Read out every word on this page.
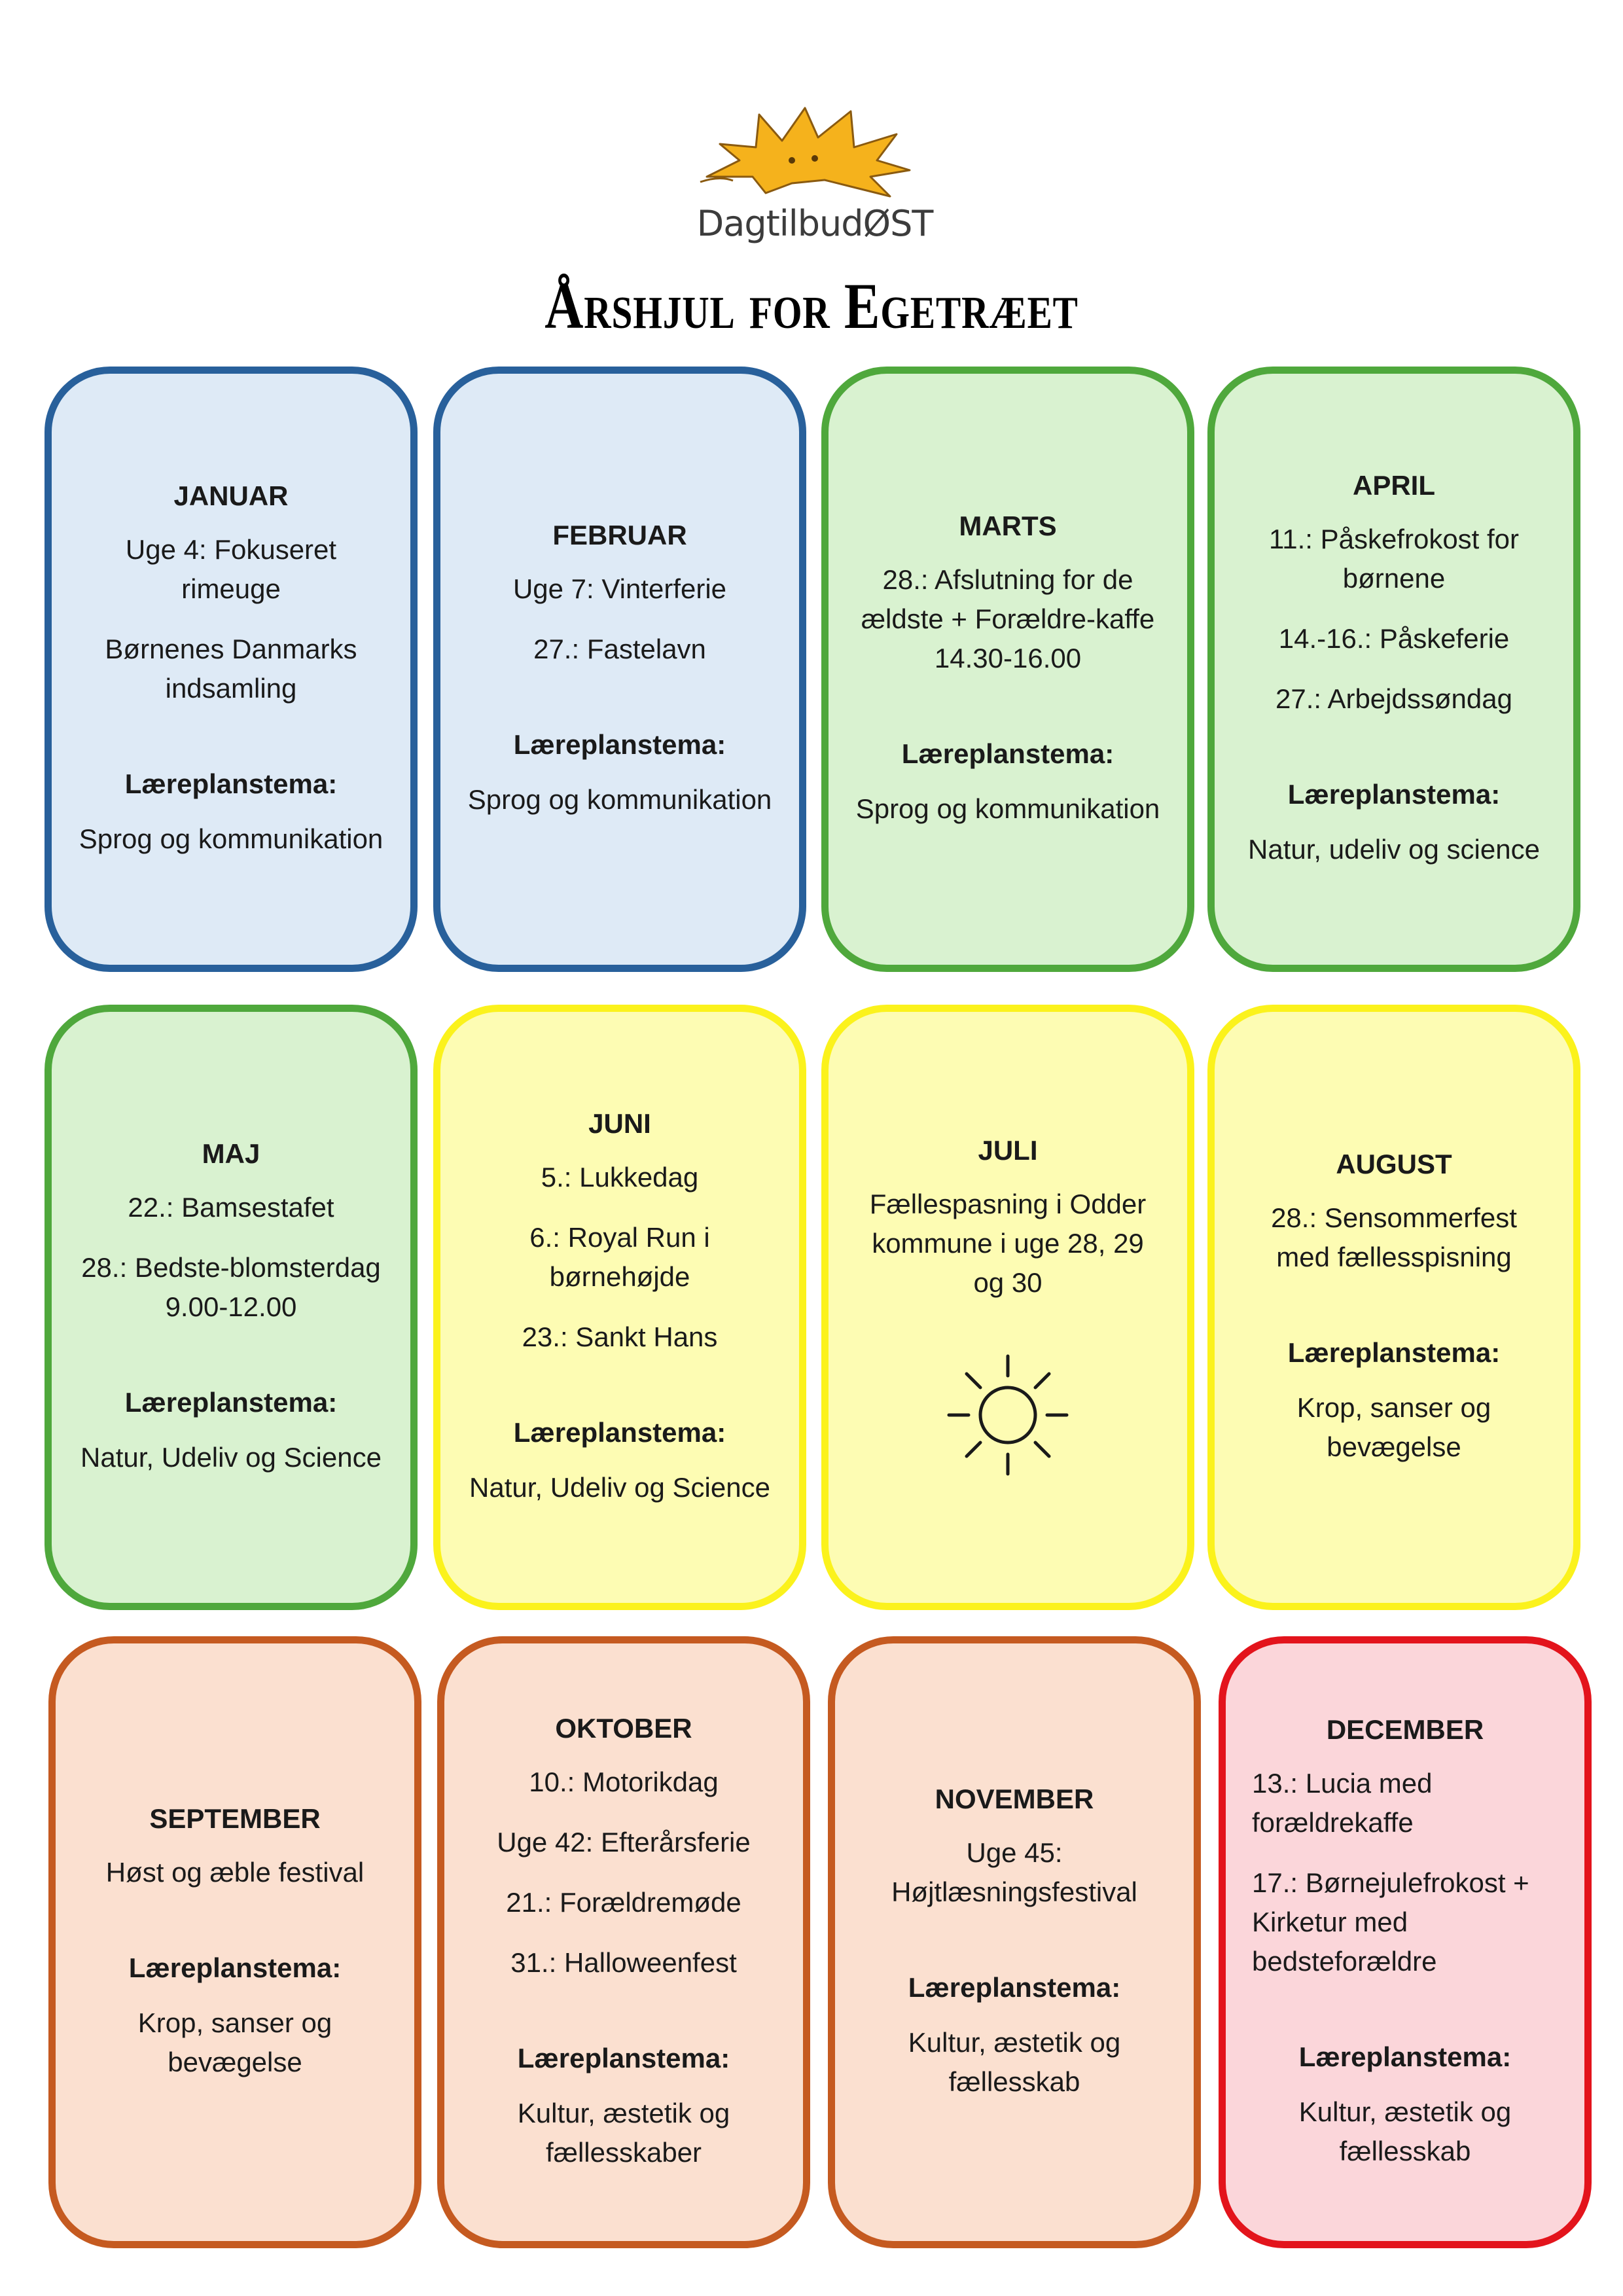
DagtilbudØST
Årshjul for Egetræet
JANUAR
Uge 4: Fokuseret rimeuge
Børnenes Danmarks indsamling
Læreplanstema:
Sprog og kommunikation
FEBRUAR
Uge 7: Vinterferie
27.: Fastelavn
Læreplanstema:
Sprog og kommunikation
MARTS
28.: Afslutning for de ældste + Forældre-kaffe 14.30-16.00
Læreplanstema:
Sprog og kommunikation
APRIL
11.: Påskefrokost for børnene
14.-16.: Påskeferie
27.: Arbejdssøndag
Læreplanstema:
Natur, udeliv og science
MAJ
22.: Bamsestafet
28.: Bedste-blomsterdag 9.00-12.00
Læreplanstema:
Natur, Udeliv og Science
JUNI
5.: Lukkedag
6.: Royal Run i børnehøjde
23.: Sankt Hans
Læreplanstema:
Natur, Udeliv og Science
JULI
Fællespasning i Odder kommune i uge 28, 29 og 30
AUGUST
28.: Sensommerfest med fællesspisning
Læreplanstema:
Krop, sanser og bevægelse
SEPTEMBER
Høst og æble festival
Læreplanstema:
Krop, sanser og bevægelse
OKTOBER
10.: Motorikdag
Uge 42: Efterårsferie
21.: Forældremøde
31.: Halloweenfest
Læreplanstema:
Kultur, æstetik og fællesskaber
NOVEMBER
Uge 45: Højtlæsningsfestival
Læreplanstema:
Kultur, æstetik og fællesskab
DECEMBER
13.: Lucia med forældrekaffe
17.: Børnejulefrokost + Kirketur med bedsteforældre
Læreplanstema:
Kultur, æstetik og fællesskab
